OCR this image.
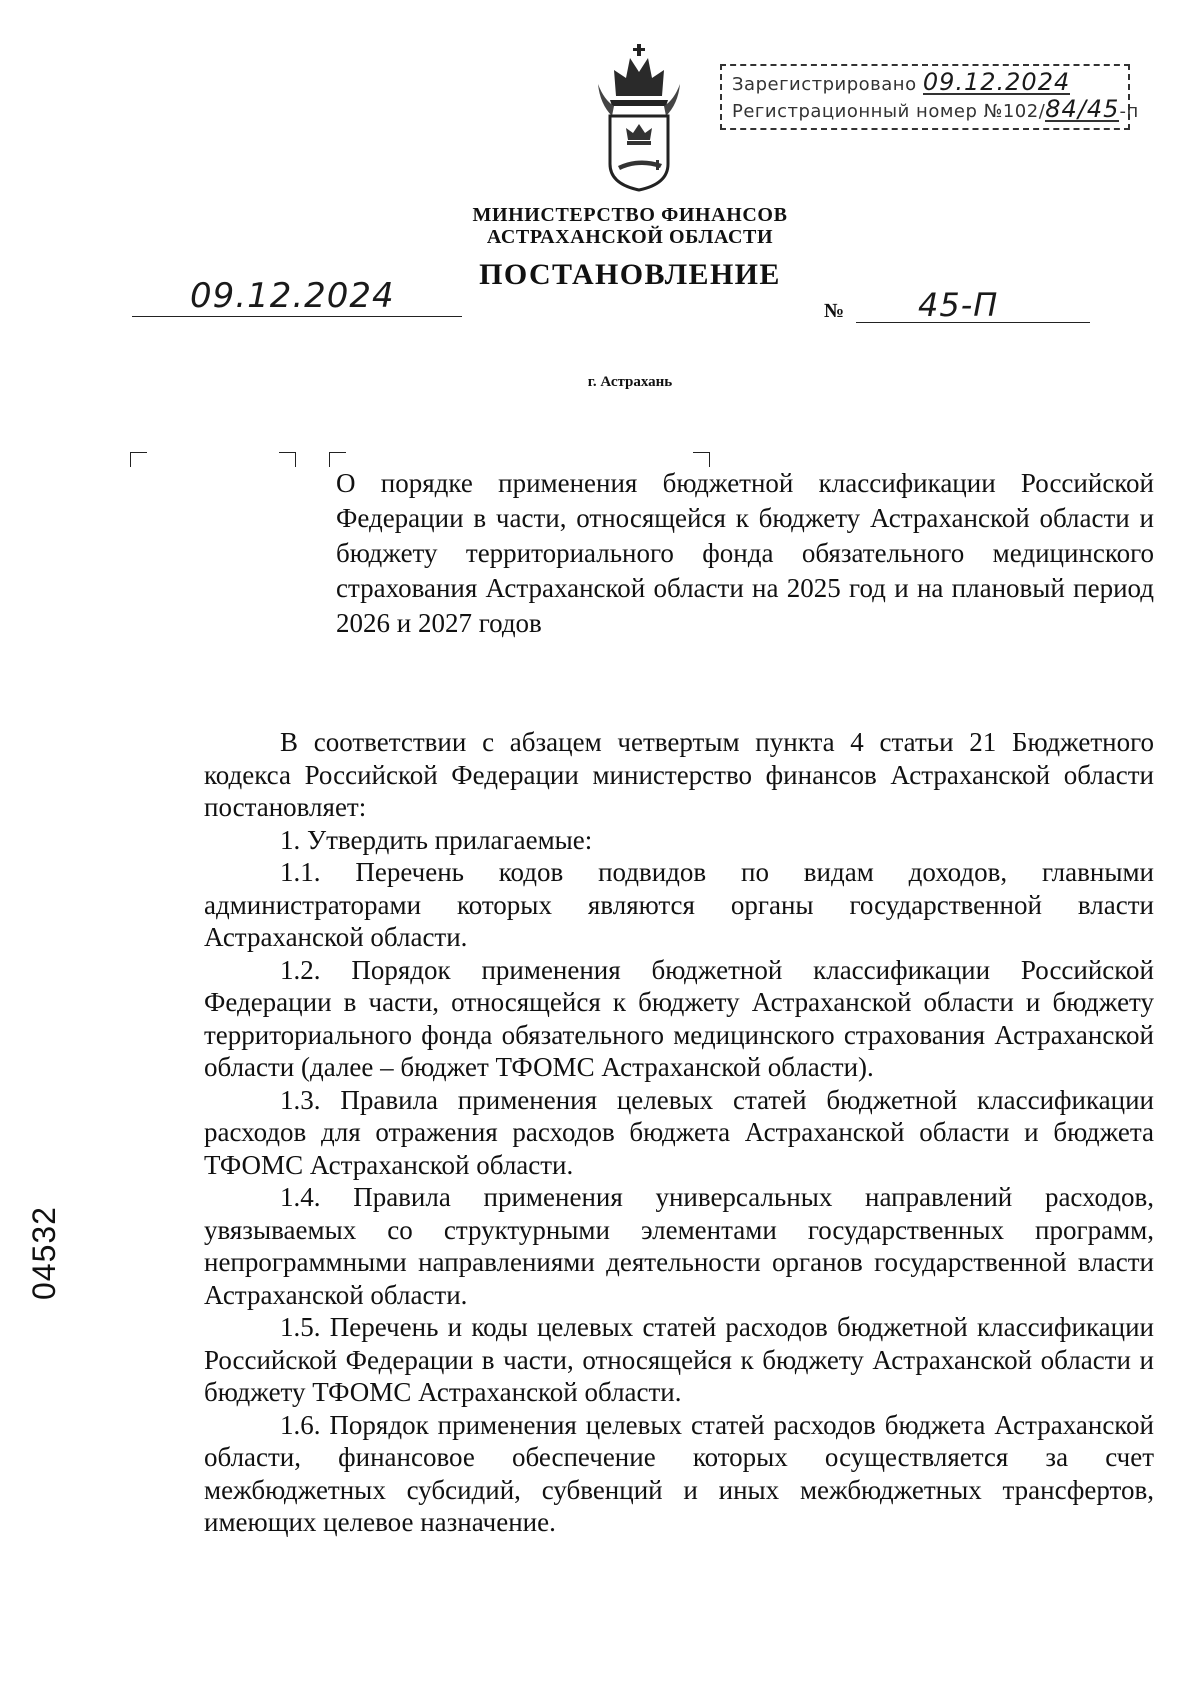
Зарегистрировано 09.12.2024
Регистрационный номер №102/84/45-п
МИНИСТЕРСТВО ФИНАНСОВ
АСТРАХАНСКОЙ ОБЛАСТИ
ПОСТАНОВЛЕНИЕ
09.12.2024	№ 45-П
г. Астрахань
О порядке применения бюджетной классификации Российской Федерации в части, относящейся к бюджету Астраханской области и бюджету территориального фонда обязательного медицинского страхования Астраханской области на 2025 год и на плановый период 2026 и 2027 годов

В соответствии с абзацем четвертым пункта 4 статьи 21 Бюджетного кодекса Российской Федерации министерство финансов Астраханской области постановляет:

1. Утвердить прилагаемые:

1.1. Перечень кодов подвидов по видам доходов, главными администраторами которых являются органы государственной власти Астраханской области.

1.2. Порядок применения бюджетной классификации Российской Федерации в части, относящейся к бюджету Астраханской области и бюджету территориального фонда обязательного медицинского страхования Астраханской области (далее – бюджет ТФОМС Астраханской области).

1.3. Правила применения целевых статей бюджетной классификации расходов для отражения расходов бюджета Астраханской области и бюджета ТФОМС Астраханской области.

1.4. Правила применения универсальных направлений расходов, увязываемых со структурными элементами государственных программ, непрограммными направлениями деятельности органов государственной власти Астраханской области.

1.5. Перечень и коды целевых статей расходов бюджетной классификации Российской Федерации в части, относящейся к бюджету Астраханской области и бюджету ТФОМС Астраханской области.

1.6. Порядок применения целевых статей расходов бюджета Астраханской области, финансовое обеспечение которых осуществляется за счет межбюджетных субсидий, субвенций и иных межбюджетных трансфертов, имеющих целевое назначение.

04532
